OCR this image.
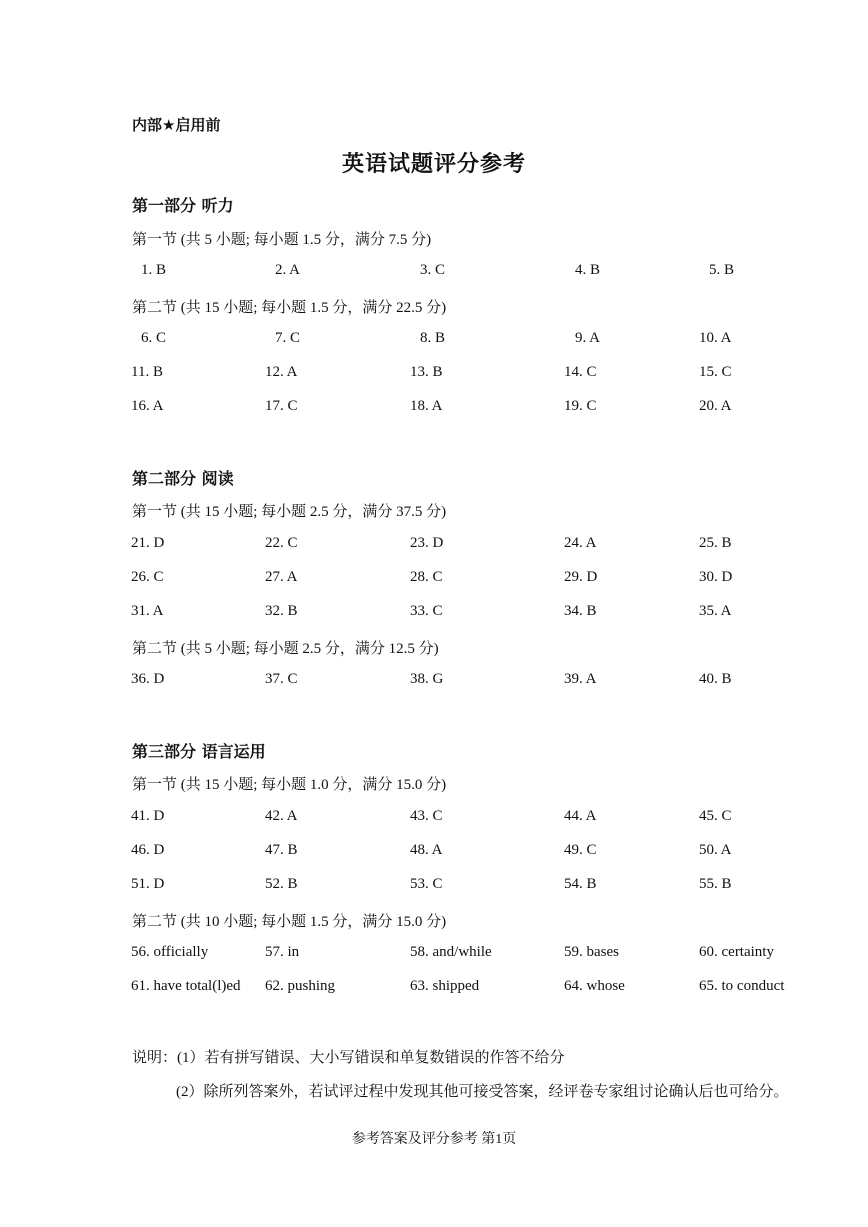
内部★启用前
英语试题评分参考
第一部分 听力
第一节 (共 5 小题; 每小题 1.5 分，满分 7.5 分)
1. B	2. A	3. C	4. B	5. B
第二节 (共 15 小题; 每小题 1.5 分，满分 22.5 分)
6. C	7. C	8. B	9. A	10. A
11. B	12. A	13. B	14. C	15. C
16. A	17. C	18. A	19. C	20. A
第二部分 阅读
第一节 (共 15 小题; 每小题 2.5 分，满分 37.5 分)
21. D	22. C	23. D	24. A	25. B
26. C	27. A	28. C	29. D	30. D
31. A	32. B	33. C	34. B	35. A
第二节 (共 5 小题; 每小题 2.5 分，满分 12.5 分)
36. D	37. C	38. G	39. A	40. B
第三部分 语言运用
第一节 (共 15 小题; 每小题 1.0 分，满分 15.0 分)
41. D	42. A	43. C	44. A	45. C
46. D	47. B	48. A	49. C	50. A
51. D	52. B	53. C	54. B	55. B
第二节 (共 10 小题; 每小题 1.5 分，满分 15.0 分)
56. officially	57. in	58. and/while	59. bases	60. certainty
61. have total(l)ed 62. pushing	63. shipped	64. whose	65. to conduct
说明：(1）若有拼写错误、大小写错误和单复数错误的作答不给分
(2）除所列答案外，若试评过程中发现其他可接受答案，经评卷专家组讨论确认后也可给分。
参考答案及评分参考 第1页
